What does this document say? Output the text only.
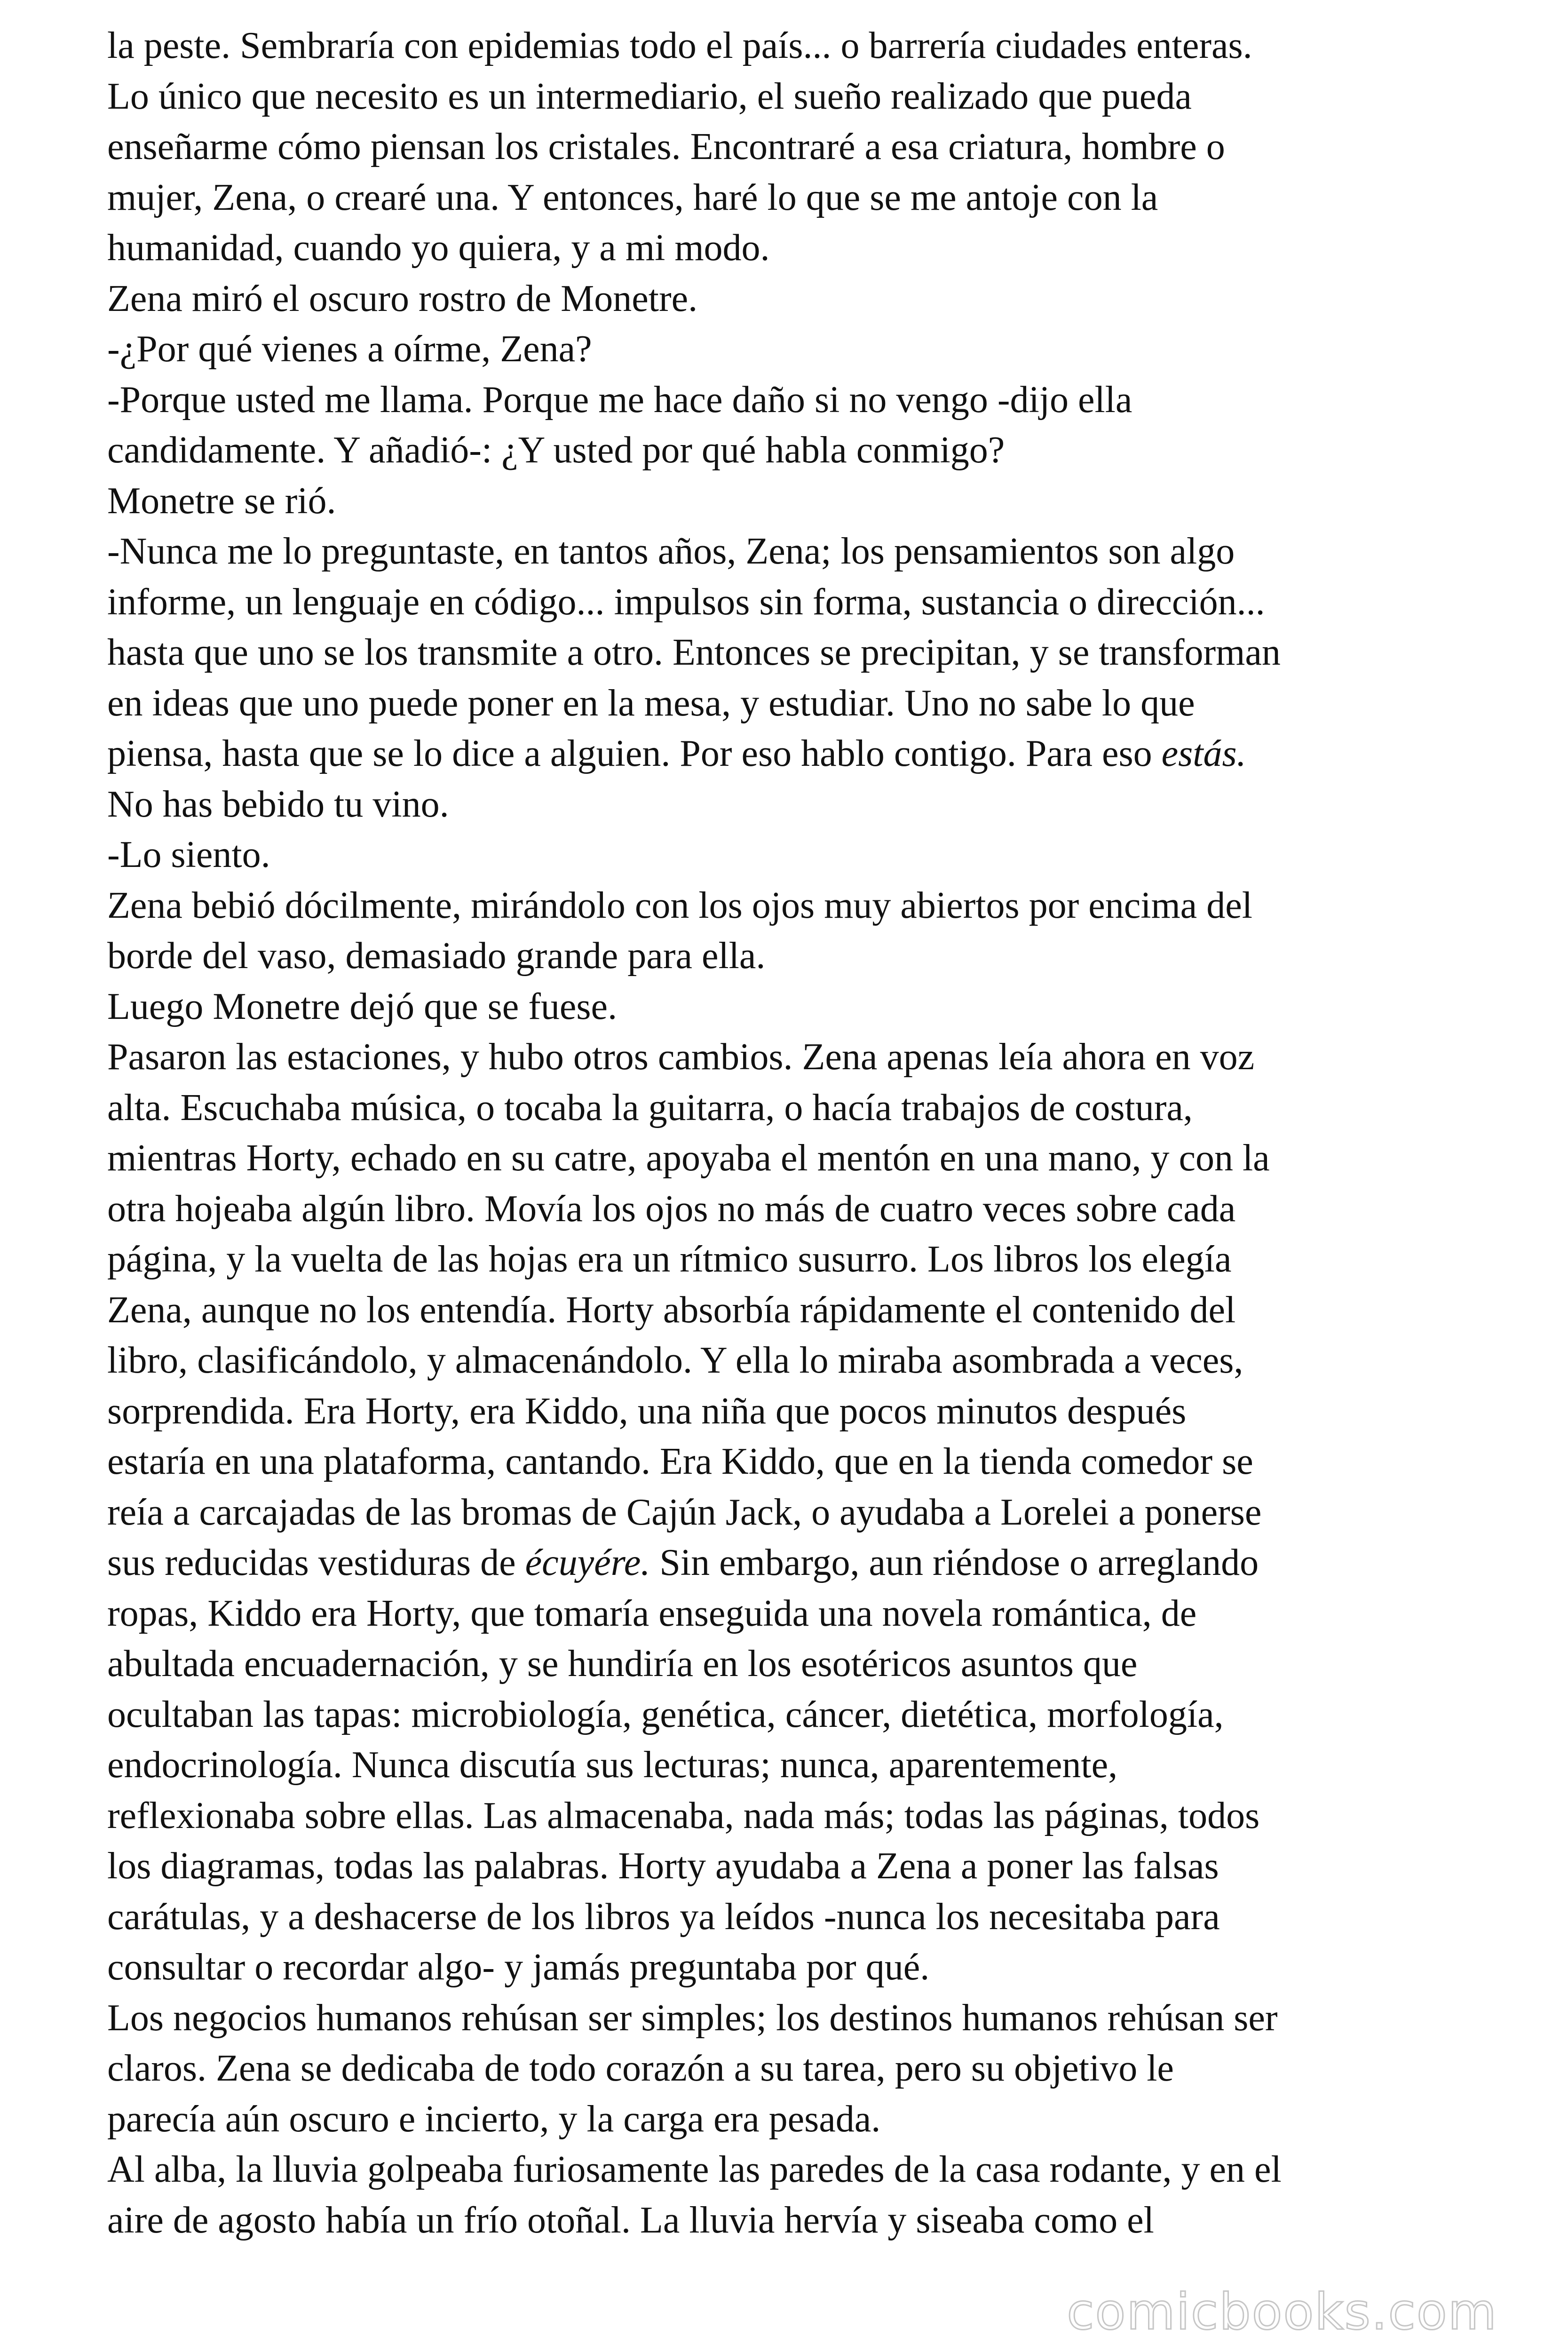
la peste. Sembraría con epidemias todo el país... o barrería ciudades enteras.
Lo único que necesito es un intermediario, el sueño realizado que pueda
enseñarme cómo piensan los cristales. Encontraré a esa criatura, hombre o
mujer, Zena, o crearé una. Y entonces, haré lo que se me antoje con la
humanidad, cuando yo quiera, y a mi modo.
Zena miró el oscuro rostro de Monetre.
-¿Por qué vienes a oírme, Zena?
-Porque usted me llama. Porque me hace daño si no vengo -dijo ella
candidamente. Y añadió-: ¿Y usted por qué habla conmigo?
Monetre se rió.
-Nunca me lo preguntaste, en tantos años, Zena; los pensamientos son algo
informe, un lenguaje en código... impulsos sin forma, sustancia o dirección...
hasta que uno se los transmite a otro. Entonces se precipitan, y se transforman
en ideas que uno puede poner en la mesa, y estudiar. Uno no sabe lo que
piensa, hasta que se lo dice a alguien. Por eso hablo contigo. Para eso estás.
No has bebido tu vino.
-Lo siento.
Zena bebió dócilmente, mirándolo con los ojos muy abiertos por encima del
borde del vaso, demasiado grande para ella.
Luego Monetre dejó que se fuese.
Pasaron las estaciones, y hubo otros cambios. Zena apenas leía ahora en voz
alta. Escuchaba música, o tocaba la guitarra, o hacía trabajos de costura,
mientras Horty, echado en su catre, apoyaba el mentón en una mano, y con la
otra hojeaba algún libro. Movía los ojos no más de cuatro veces sobre cada
página, y la vuelta de las hojas era un rítmico susurro. Los libros los elegía
Zena, aunque no los entendía. Horty absorbía rápidamente el contenido del
libro, clasificándolo, y almacenándolo. Y ella lo miraba asombrada a veces,
sorprendida. Era Horty, era Kiddo, una niña que pocos minutos después
estaría en una plataforma, cantando. Era Kiddo, que en la tienda comedor se
reía a carcajadas de las bromas de Cajún Jack, o ayudaba a Lorelei a ponerse
sus reducidas vestiduras de écuyére. Sin embargo, aun riéndose o arreglando
ropas, Kiddo era Horty, que tomaría enseguida una novela romántica, de
abultada encuadernación, y se hundiría en los esotéricos asuntos que
ocultaban las tapas: microbiología, genética, cáncer, dietética, morfología,
endocrinología. Nunca discutía sus lecturas; nunca, aparentemente,
reflexionaba sobre ellas. Las almacenaba, nada más; todas las páginas, todos
los diagramas, todas las palabras. Horty ayudaba a Zena a poner las falsas
carátulas, y a deshacerse de los libros ya leídos -nunca los necesitaba para
consultar o recordar algo- y jamás preguntaba por qué.
Los negocios humanos rehúsan ser simples; los destinos humanos rehúsan ser
claros. Zena se dedicaba de todo corazón a su tarea, pero su objetivo le
parecía aún oscuro e incierto, y la carga era pesada.
Al alba, la lluvia golpeaba furiosamente las paredes de la casa rodante, y en el
aire de agosto había un frío otoñal. La lluvia hervía y siseaba como el
comicbooks.com
